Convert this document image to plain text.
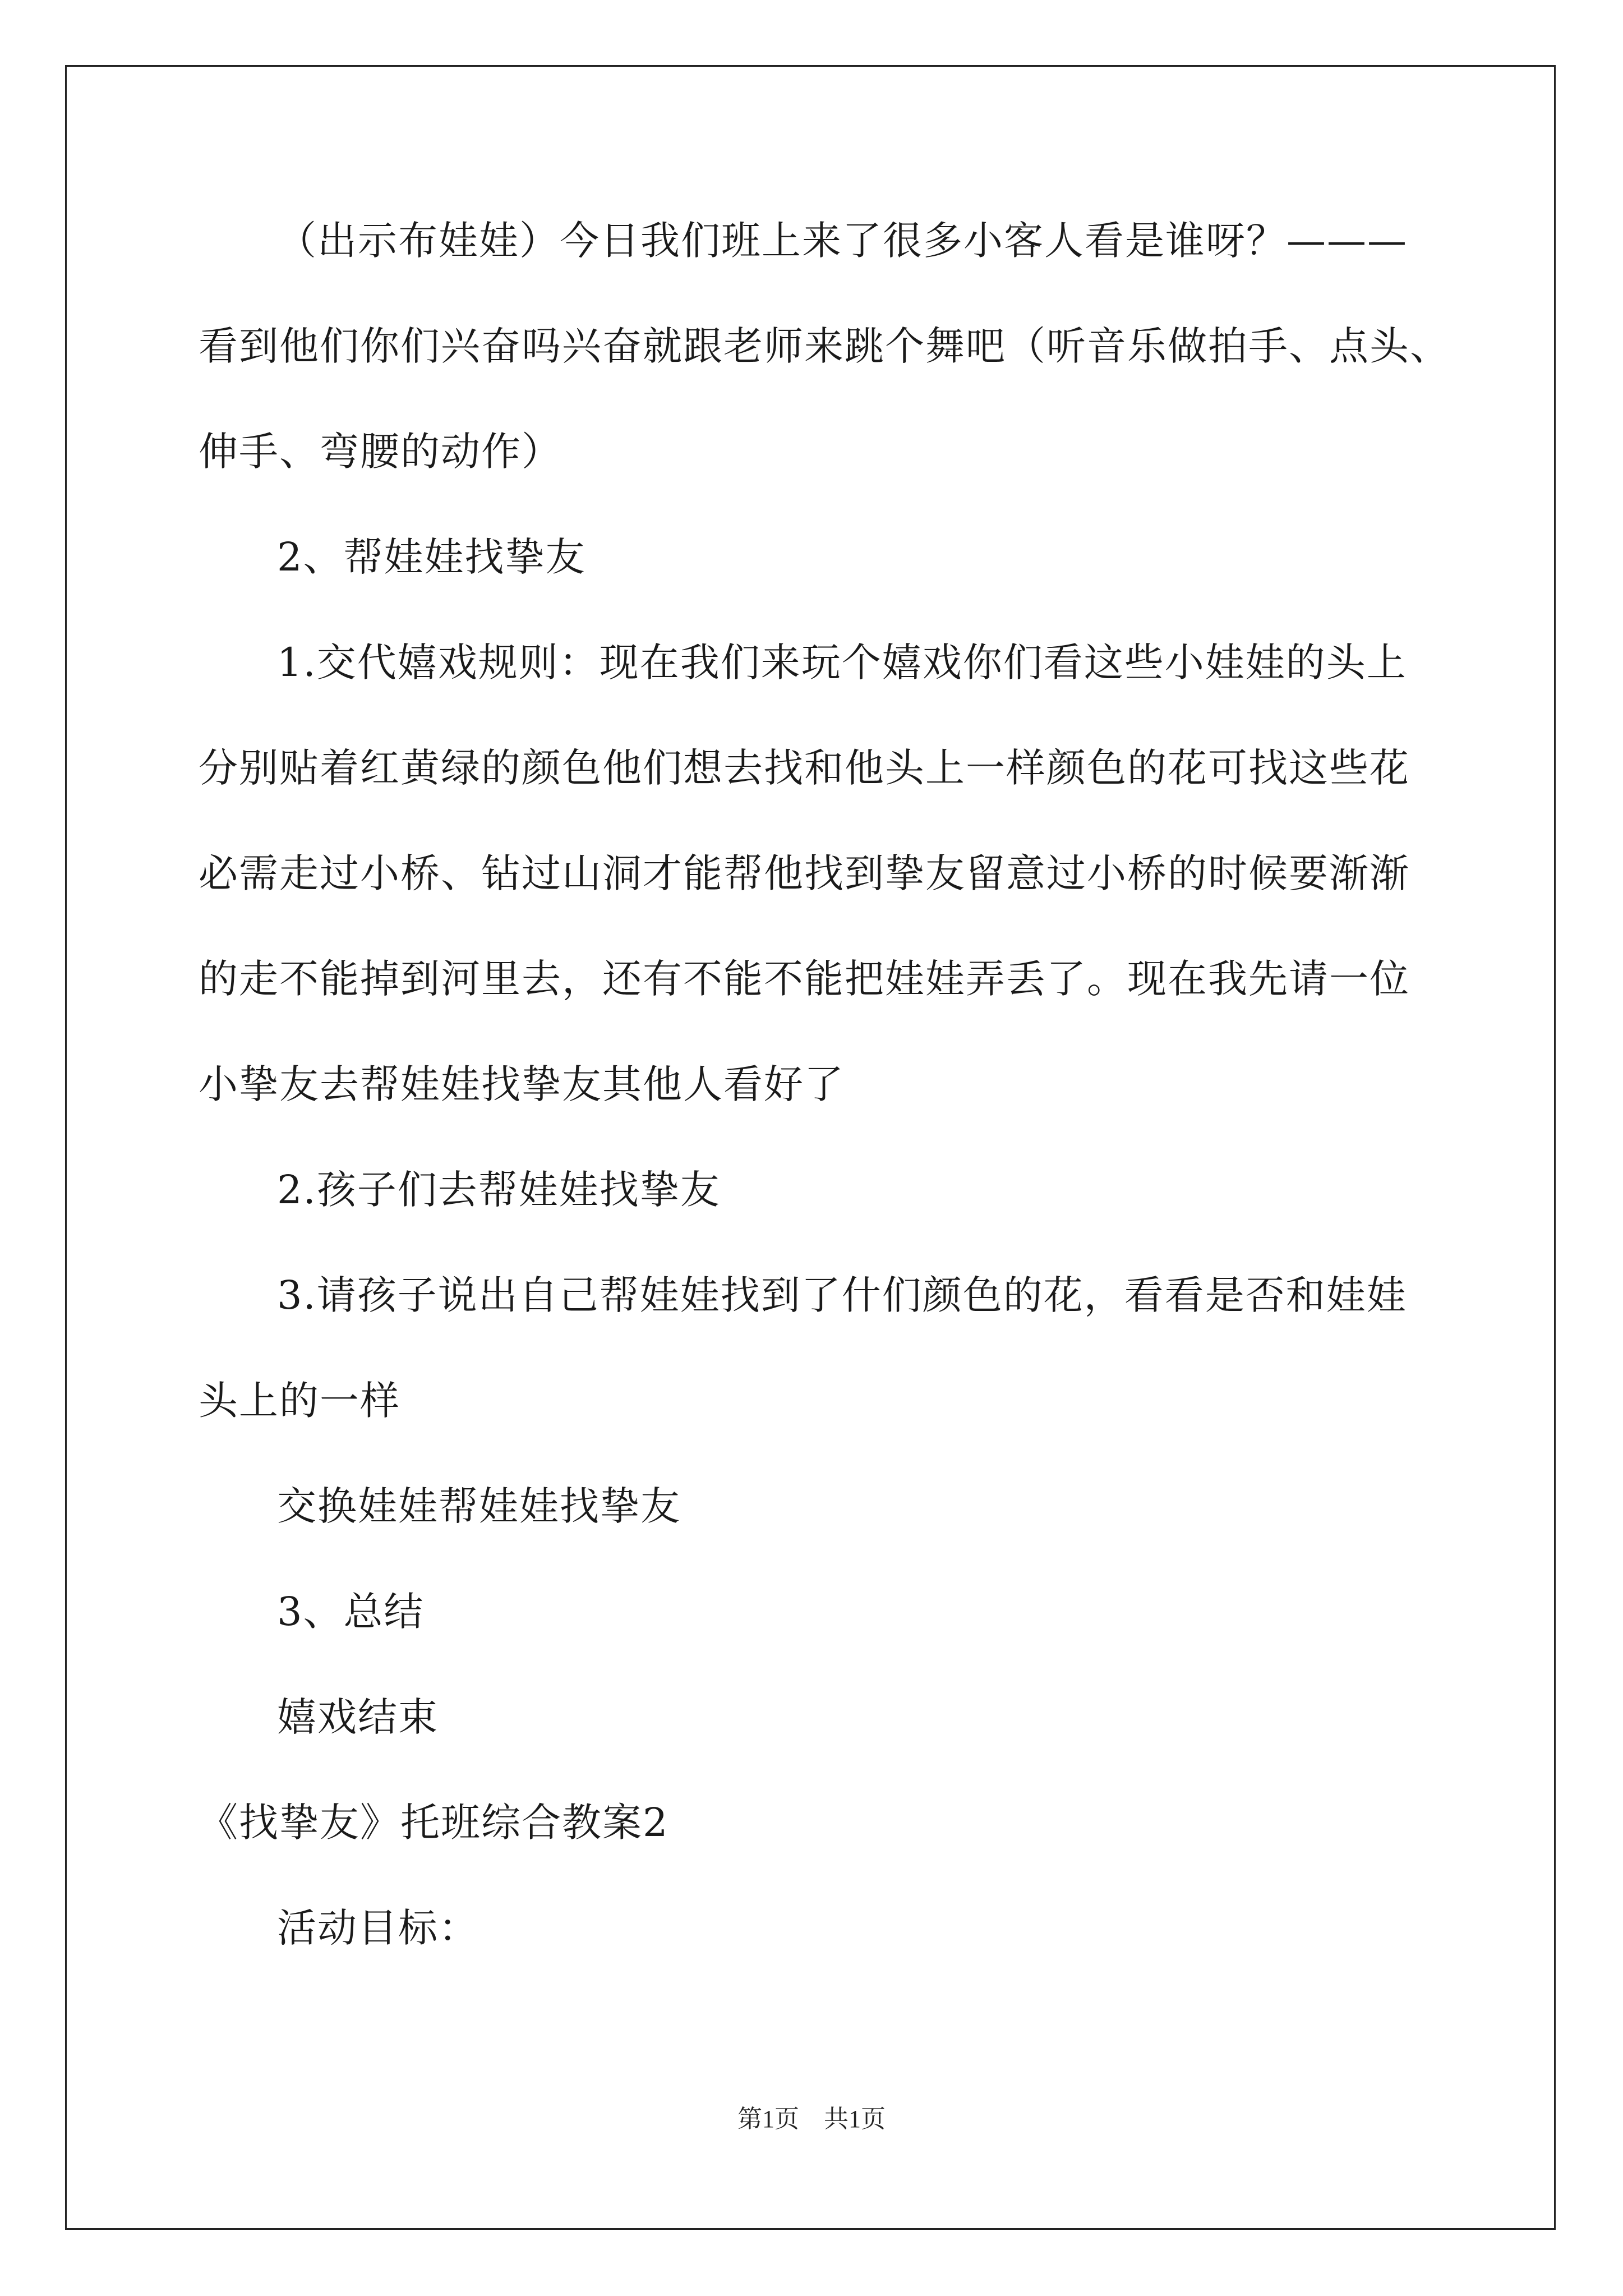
（出示布娃娃）今日我们班上来了很多小客人看是谁呀？———
看到他们你们兴奋吗兴奋就跟老师来跳个舞吧（听音乐做拍手、点头、
伸手、弯腰的动作）
2、帮娃娃找挚友
1.交代嬉戏规则：现在我们来玩个嬉戏你们看这些小娃娃的头上
分别贴着红黄绿的颜色他们想去找和他头上一样颜色的花可找这些花
必需走过小桥、钻过山洞才能帮他找到挚友留意过小桥的时候要渐渐
的走不能掉到河里去，还有不能不能把娃娃弄丢了。现在我先请一位
小挚友去帮娃娃找挚友其他人看好了
2.孩子们去帮娃娃找挚友
3.请孩子说出自己帮娃娃找到了什们颜色的花，看看是否和娃娃
头上的一样
交换娃娃帮娃娃找挚友
3、总结
嬉戏结束
《找挚友》托班综合教案2
活动目标：
第1页　共1页
